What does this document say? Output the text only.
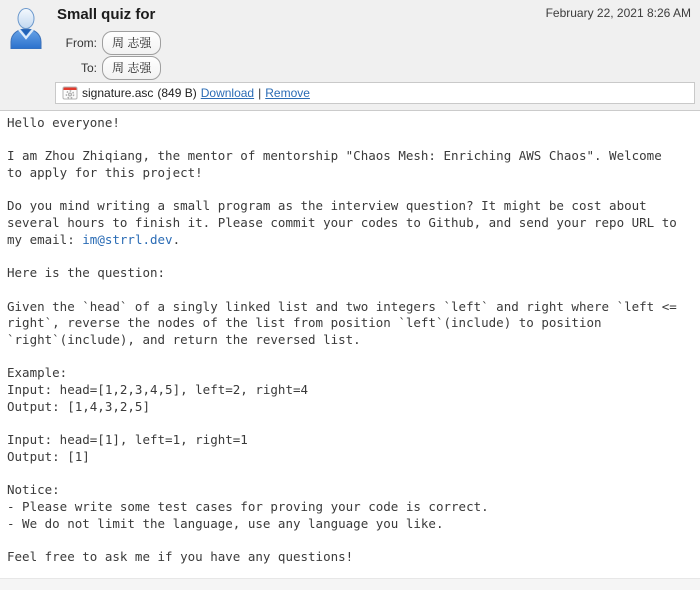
Small quiz for	February 22, 2021 8:26 AM
From:	周 志强
To:	周 志强
signature.asc (849 B) Download | Remove
Hello everyone!
I am Zhou Zhiqiang, the mentor of mentorship "Chaos Mesh: Enriching AWS Chaos". Welcome
to apply for this project!
Do you mind writing a small program as the interview question? It might be cost about
several hours to finish it. Please commit your codes to Github, and send your repo URL to
my email: im@strrl.dev.
Here is the question:
Given the `head` of a singly linked list and two integers `left` and right where `left <=
right`, reverse the nodes of the list from position `left`(include) to position
`right`(include), and return the reversed list.
Example:
Input: head=[1,2,3,4,5], left=2, right=4
Output: [1,4,3,2,5]
Input: head=[1], left=1, right=1
Output: [1]
Notice:
- Please write some test cases for proving your code is correct.
- We do not limit the language, use any language you like.
Feel free to ask me if you have any questions!
